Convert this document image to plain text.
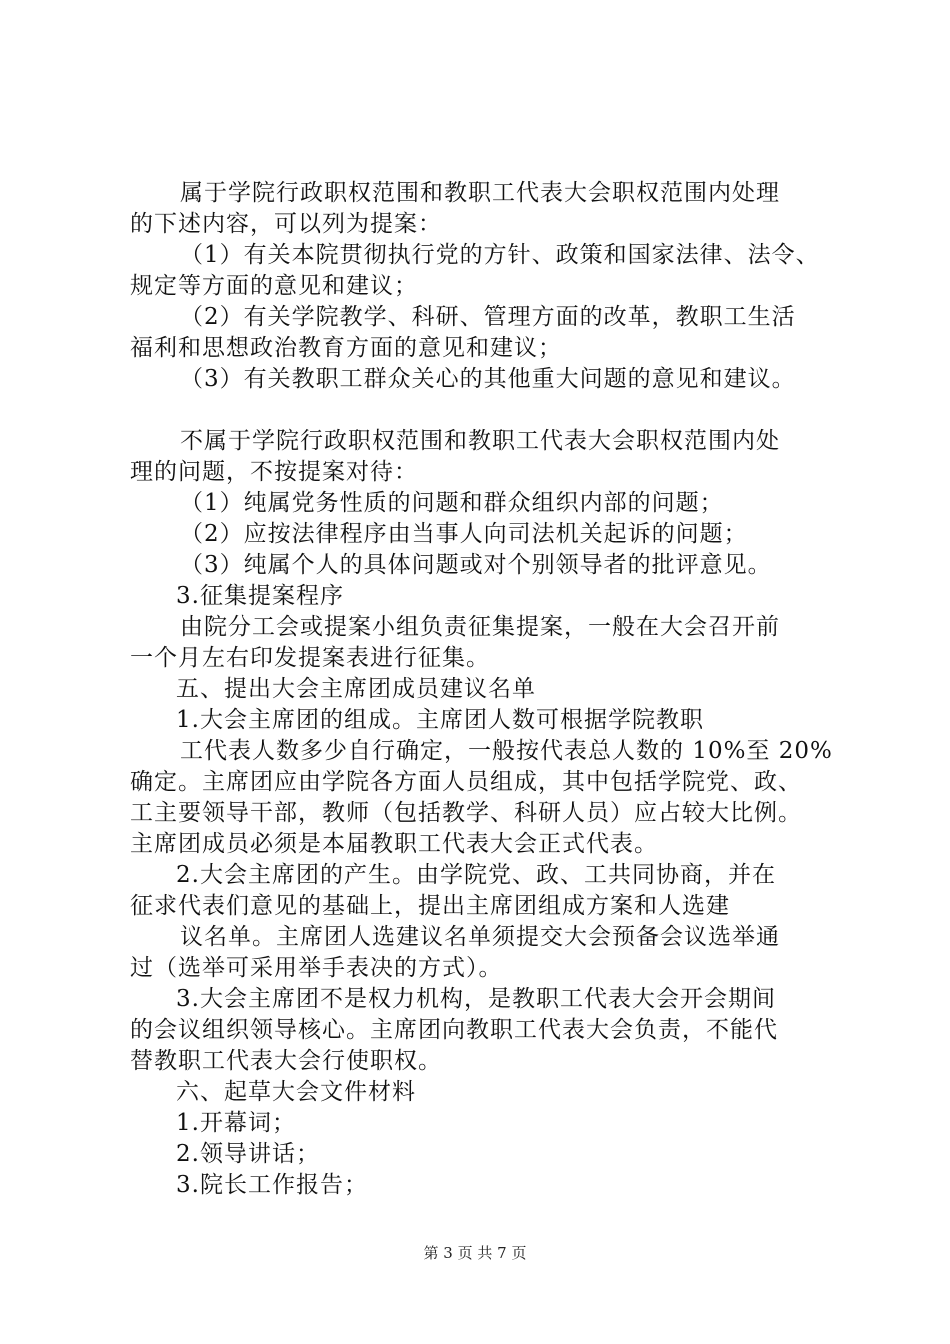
属于学院行政职权范围和教职工代表大会职权范围内处理
的下述内容，可以列为提案：
（1）有关本院贯彻执行党的方针、政策和国家法律、法令、
规定等方面的意见和建议；
（2）有关学院教学、科研、管理方面的改革，教职工生活
福利和思想政治教育方面的意见和建议；
（3）有关教职工群众关心的其他重大问题的意见和建议。
不属于学院行政职权范围和教职工代表大会职权范围内处
理的问题，不按提案对待：
（1）纯属党务性质的问题和群众组织内部的问题；
（2）应按法律程序由当事人向司法机关起诉的问题；
（3）纯属个人的具体问题或对个别领导者的批评意见。
3.征集提案程序
由院分工会或提案小组负责征集提案，一般在大会召开前
一个月左右印发提案表进行征集。
五、提出大会主席团成员建议名单
1.大会主席团的组成。主席团人数可根据学院教职
工代表人数多少自行确定，一般按代表总人数的 10%至 20%
确定。主席团应由学院各方面人员组成，其中包括学院党、政、
工主要领导干部，教师（包括教学、科研人员）应占较大比例。
主席团成员必须是本届教职工代表大会正式代表。
2.大会主席团的产生。由学院党、政、工共同协商，并在
征求代表们意见的基础上，提出主席团组成方案和人选建
议名单。主席团人选建议名单须提交大会预备会议选举通
过（选举可采用举手表决的方式）。
3.大会主席团不是权力机构，是教职工代表大会开会期间
的会议组织领导核心。主席团向教职工代表大会负责，不能代
替教职工代表大会行使职权。
六、起草大会文件材料
1.开幕词；
2.领导讲话；
3.院长工作报告；
第 3 页 共 7 页
